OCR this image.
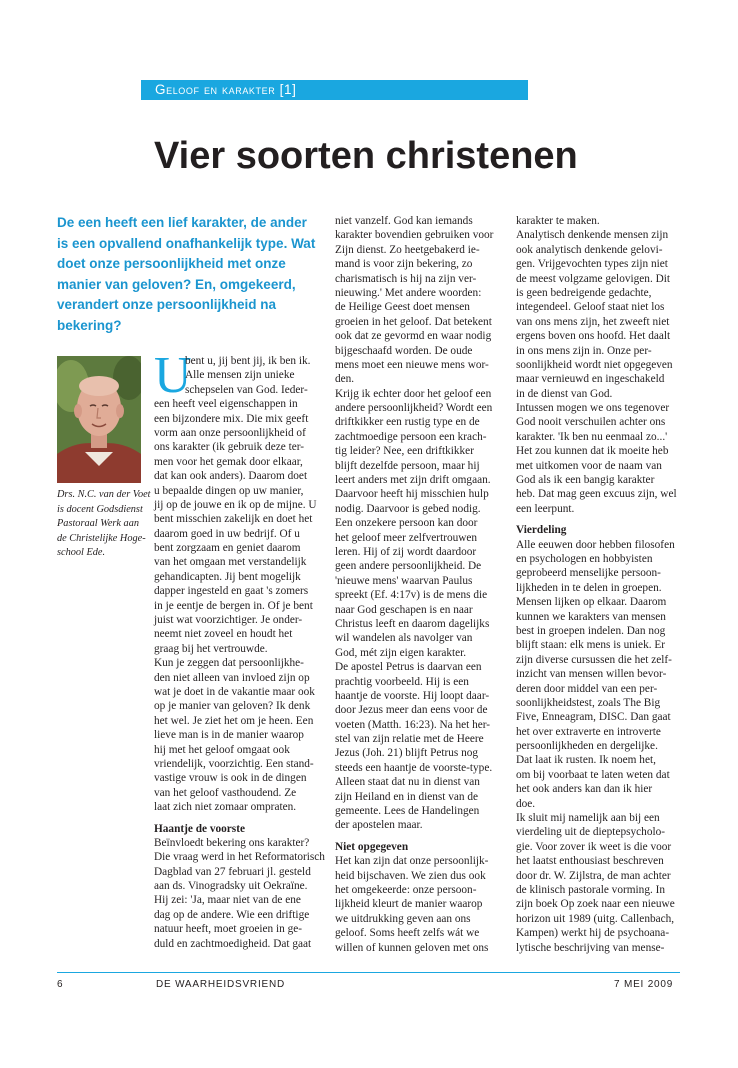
Geloof en karakter [1]
Vier soorten christenen

De een heeft een lief karakter, de ander is een opvallend onafhankelijk type. Wat doet onze persoonlijkheid met onze manier van geloven? En, omgekeerd, verandert onze persoonlijkheid na bekering?

Drs. N.C. van der Voet
is docent Godsdienst
Pastoraal Werk aan
de Christelijke Hoge-
school Ede.
U
bent u, jij bent jij, ik ben ik.
Alle mensen zijn unieke
schepselen van God. Ieder-
een heeft veel eigenschappen in
een bijzondere mix. Die mix geeft
vorm aan onze persoonlijkheid of
ons karakter (ik gebruik deze ter-
men voor het gemak door elkaar,
dat kan ook anders). Daarom doet
u bepaalde dingen op uw manier,
jij op de jouwe en ik op de mijne. U
bent misschien zakelijk en doet het
daarom goed in uw bedrijf. Of u
bent zorgzaam en geniet daarom
van het omgaan met verstandelijk
gehandicapten. Jij bent mogelijk
dapper ingesteld en gaat 's zomers
in je eentje de bergen in. Of je bent
juist wat voorzichtiger. Je onder-
neemt niet zoveel en houdt het
graag bij het vertrouwde.
Kun je zeggen dat persoonlijkhe-
den niet alleen van invloed zijn op
wat je doet in de vakantie maar ook
op je manier van geloven? Ik denk
het wel. Je ziet het om je heen. Een
lieve man is in de manier waarop
hij met het geloof omgaat ook
vriendelijk, voorzichtig. Een stand-
vastige vrouw is ook in de dingen
van het geloof vasthoudend. Ze
laat zich niet zomaar ompraten.
Haantje de voorste
Beïnvloedt bekering ons karakter?
Die vraag werd in het Reformatorisch
Dagblad van 27 februari jl. gesteld
aan ds. Vinogradsky uit Oekraïne.
Hij zei: 'Ja, maar niet van de ene
dag op de andere. Wie een driftige
natuur heeft, moet groeien in ge-
duld en zachtmoedigheid. Dat gaat
niet vanzelf. God kan iemands
karakter bovendien gebruiken voor
Zijn dienst. Zo heetgebakerd ie-
mand is voor zijn bekering, zo
charismatisch is hij na zijn ver-
nieuwing.' Met andere woorden:
de Heilige Geest doet mensen
groeien in het geloof. Dat betekent
ook dat ze gevormd en waar nodig
bijgeschaafd worden. De oude
mens moet een nieuwe mens wor-
den.
Krijg ik echter door het geloof een
andere persoonlijkheid? Wordt een
driftkikker een rustig type en de
zachtmoedige persoon een krach-
tig leider? Nee, een driftkikker
blijft dezelfde persoon, maar hij
leert anders met zijn drift omgaan.
Daarvoor heeft hij misschien hulp
nodig. Daarvoor is gebed nodig.
Een onzekere persoon kan door
het geloof meer zelfvertrouwen
leren. Hij of zij wordt daardoor
geen andere persoonlijkheid. De
'nieuwe mens' waarvan Paulus
spreekt (Ef. 4:17v) is de mens die
naar God geschapen is en naar
Christus leeft en daarom dagelijks
wil wandelen als navolger van
God, mét zijn eigen karakter.
De apostel Petrus is daarvan een
prachtig voorbeeld. Hij is een
haantje de voorste. Hij loopt daar-
door Jezus meer dan eens voor de
voeten (Matth. 16:23). Na het her-
stel van zijn relatie met de Heere
Jezus (Joh. 21) blijft Petrus nog
steeds een haantje de voorste-type.
Alleen staat dat nu in dienst van
zijn Heiland en in dienst van de
gemeente. Lees de Handelingen
der apostelen maar.
Niet opgegeven
Het kan zijn dat onze persoonlijk-
heid bijschaven. We zien dus ook
het omgekeerde: onze persoon-
lijkheid kleurt de manier waarop
we uitdrukking geven aan ons
geloof. Soms heeft zelfs wát we
willen of kunnen geloven met ons
karakter te maken.
Analytisch denkende mensen zijn
ook analytisch denkende gelovi-
gen. Vrijgevochten types zijn niet
de meest volgzame gelovigen. Dit
is geen bedreigende gedachte,
integendeel. Geloof staat niet los
van ons mens zijn, het zweeft niet
ergens boven ons hoofd. Het daalt
in ons mens zijn in. Onze per-
soonlijkheid wordt niet opgegeven
maar vernieuwd en ingeschakeld
in de dienst van God.
Intussen mogen we ons tegenover
God nooit verschuilen achter ons
karakter. 'Ik ben nu eenmaal zo...'
Het zou kunnen dat ik moeite heb
met uitkomen voor de naam van
God als ik een bangig karakter
heb. Dat mag geen excuus zijn, wel
een leerpunt.
Vierdeling
Alle eeuwen door hebben filosofen
en psychologen en hobbyisten
geprobeerd menselijke persoon-
lijkheden in te delen in groepen.
Mensen lijken op elkaar. Daarom
kunnen we karakters van mensen
best in groepen indelen. Dan nog
blijft staan: elk mens is uniek. Er
zijn diverse cursussen die het zelf-
inzicht van mensen willen bevor-
deren door middel van een per-
soonlijkheidstest, zoals The Big
Five, Enneagram, DISC. Dan gaat
het over extraverte en introverte
persoonlijkheden en dergelijke.
Dat laat ik rusten. Ik noem het,
om bij voorbaat te laten weten dat
het ook anders kan dan ik hier
doe.
Ik sluit mij namelijk aan bij een
vierdeling uit de dieptepsycholo-
gie. Voor zover ik weet is die voor
het laatst enthousiast beschreven
door dr. W. Zijlstra, de man achter
de klinisch pastorale vorming. In
zijn boek Op zoek naar een nieuwe
horizon uit 1989 (uitg. Callenbach,
Kampen) werkt hij de psychoana-
lytische beschrijving van mense-
6	DE WAARHEIDSVRIEND	7 MEI 2009
